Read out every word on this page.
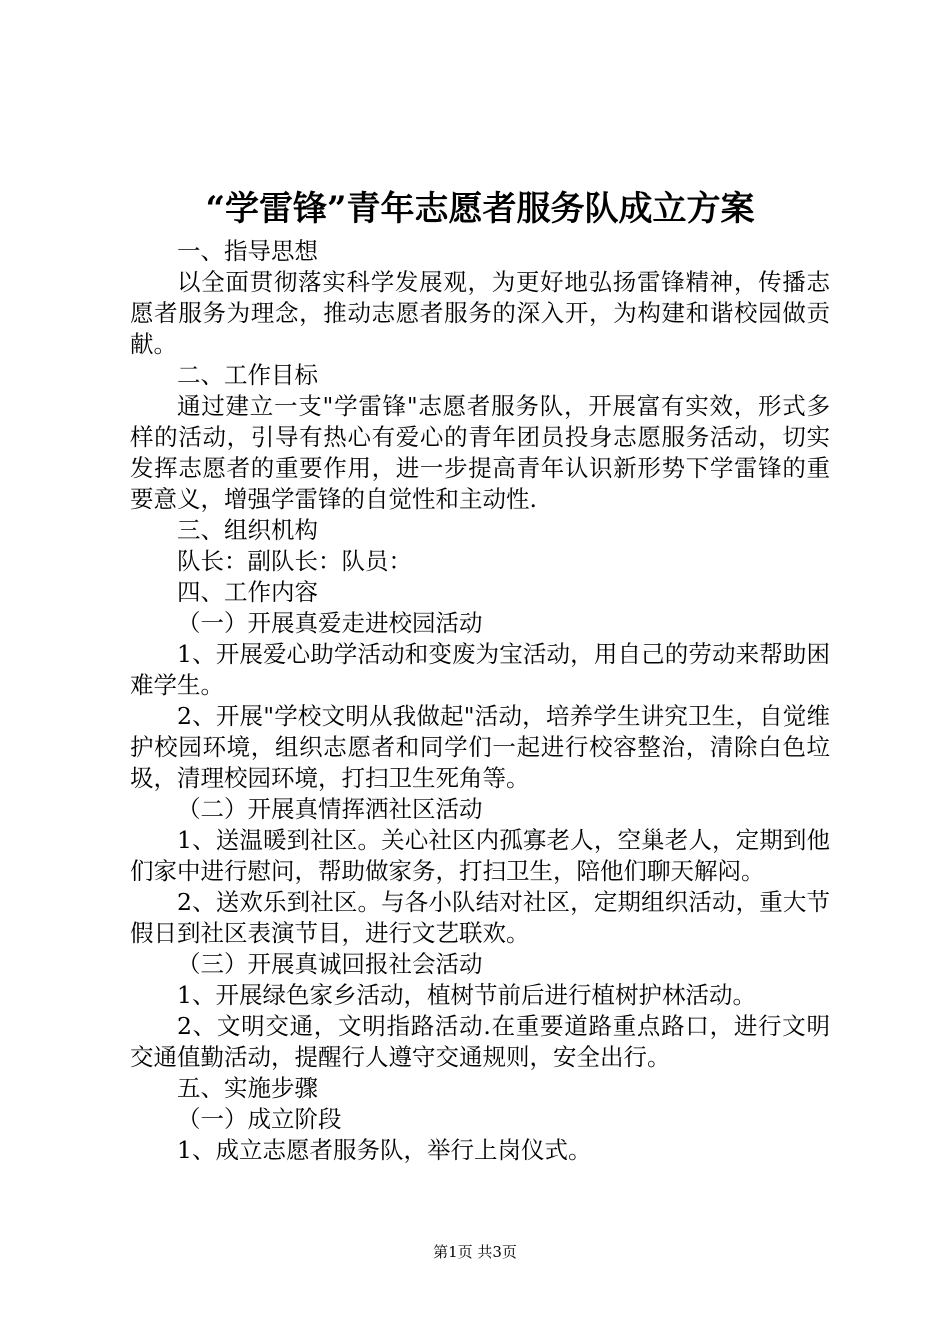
“学雷锋”青年志愿者服务队成立方案

一、指导思想

以全面贯彻落实科学发展观，为更好地弘扬雷锋精神，传播志愿者服务为理念，推动志愿者服务的深入开，为构建和谐校园做贡献。

二、工作目标

通过建立一支"学雷锋"志愿者服务队，开展富有实效，形式多样的活动，引导有热心有爱心的青年团员投身志愿服务活动，切实发挥志愿者的重要作用，进一步提高青年认识新形势下学雷锋的重要意义，增强学雷锋的自觉性和主动性.

三、组织机构

队长：副队长：队员：

四、工作内容

（一）开展真爱走进校园活动

1、开展爱心助学活动和变废为宝活动，用自己的劳动来帮助困难学生。

2、开展"学校文明从我做起"活动，培养学生讲究卫生，自觉维护校园环境，组织志愿者和同学们一起进行校容整治，清除白色垃圾，清理校园环境，打扫卫生死角等。

（二）开展真情挥洒社区活动

1、送温暖到社区。关心社区内孤寡老人，空巢老人，定期到他们家中进行慰问，帮助做家务，打扫卫生，陪他们聊天解闷。

2、送欢乐到社区。与各小队结对社区，定期组织活动，重大节假日到社区表演节目，进行文艺联欢。

（三）开展真诚回报社会活动

1、开展绿色家乡活动，植树节前后进行植树护林活动。

2、文明交通，文明指路活动.在重要道路重点路口，进行文明交通值勤活动，提醒行人遵守交通规则，安全出行。

五、实施步骤

（一）成立阶段

1、成立志愿者服务队，举行上岗仪式。

第1页 共3页
